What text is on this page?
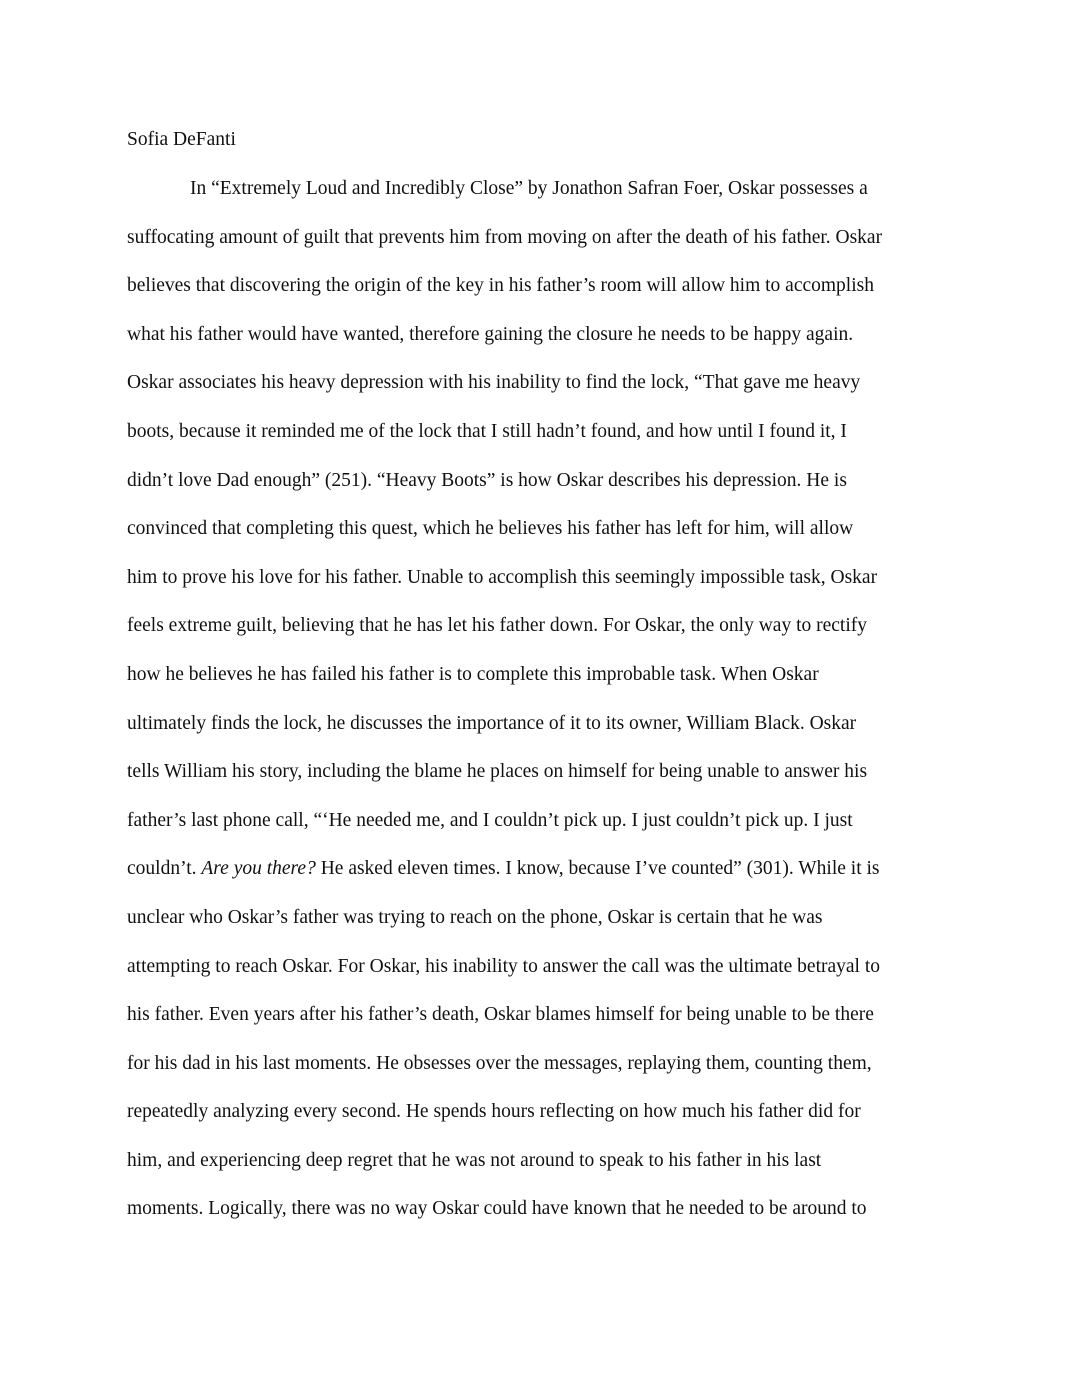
Sofia DeFanti
In “Extremely Loud and Incredibly Close” by Jonathon Safran Foer, Oskar possesses a
suffocating amount of guilt that prevents him from moving on after the death of his father. Oskar
believes that discovering the origin of the key in his father’s room will allow him to accomplish
what his father would have wanted, therefore gaining the closure he needs to be happy again.
Oskar associates his heavy depression with his inability to find the lock, “That gave me heavy
boots, because it reminded me of the lock that I still hadn’t found, and how until I found it, I
didn’t love Dad enough” (251). “Heavy Boots” is how Oskar describes his depression. He is
convinced that completing this quest, which he believes his father has left for him, will allow
him to prove his love for his father. Unable to accomplish this seemingly impossible task, Oskar
feels extreme guilt, believing that he has let his father down. For Oskar, the only way to rectify
how he believes he has failed his father is to complete this improbable task. When Oskar
ultimately finds the lock, he discusses the importance of it to its owner, William Black. Oskar
tells William his story, including the blame he places on himself for being unable to answer his
father’s last phone call, “‘He needed me, and I couldn’t pick up. I just couldn’t pick up. I just
couldn’t. Are you there? He asked eleven times. I know, because I’ve counted” (301). While it is
unclear who Oskar’s father was trying to reach on the phone, Oskar is certain that he was
attempting to reach Oskar. For Oskar, his inability to answer the call was the ultimate betrayal to
his father. Even years after his father’s death, Oskar blames himself for being unable to be there
for his dad in his last moments. He obsesses over the messages, replaying them, counting them,
repeatedly analyzing every second. He spends hours reflecting on how much his father did for
him, and experiencing deep regret that he was not around to speak to his father in his last
moments. Logically, there was no way Oskar could have known that he needed to be around to
